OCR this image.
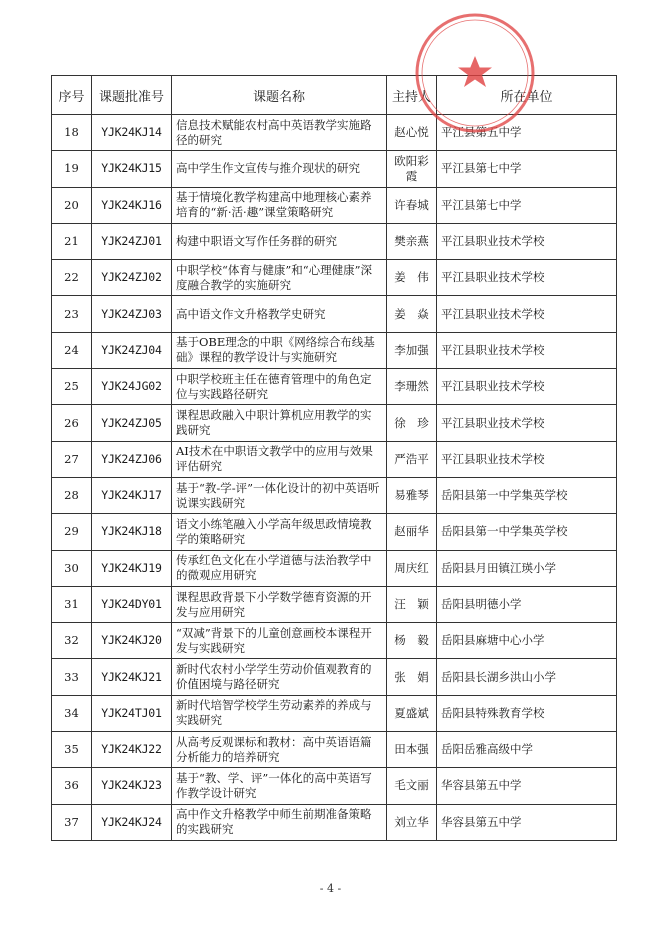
序号	课题批准号	课题名称	主持人	所在单位
18	YJK24KJ14	信息技术赋能农村高中英语教学实施路径的研究	赵心悦	平江县第五中学
19	YJK24KJ15	高中学生作文宣传与推介现状的研究	欧阳彩霞	平江县第七中学
20	YJK24KJ16	基于情境化教学构建高中地理核心素养培育的“新·活·趣”课堂策略研究	许春城	平江县第七中学
21	YJK24ZJ01	构建中职语文写作任务群的研究	樊亲燕	平江县职业技术学校
22	YJK24ZJ02	中职学校“体育与健康”和“心理健康”深度融合教学的实施研究	姜　伟	平江县职业技术学校
23	YJK24ZJ03	高中语文作文升格教学史研究	姜　焱	平江县职业技术学校
24	YJK24ZJ04	基于OBE理念的中职《网络综合布线基础》课程的教学设计与实施研究	李加强	平江县职业技术学校
25	YJK24JG02	中职学校班主任在德育管理中的角色定位与实践路径研究	李珊然	平江县职业技术学校
26	YJK24ZJ05	课程思政融入中职计算机应用教学的实践研究	徐　珍	平江县职业技术学校
27	YJK24ZJ06	AI技术在中职语文教学中的应用与效果评估研究	严浩平	平江县职业技术学校
28	YJK24KJ17	基于“教-学-评”一体化设计的初中英语听说课实践研究	易雅琴	岳阳县第一中学集英学校
29	YJK24KJ18	语文小练笔融入小学高年级思政情境教学的策略研究	赵丽华	岳阳县第一中学集英学校
30	YJK24KJ19	传承红色文化在小学道德与法治教学中的微观应用研究	周庆红	岳阳县月田镇江瑛小学
31	YJK24DY01	课程思政背景下小学数学德育资源的开发与应用研究	汪　颖	岳阳县明德小学
32	YJK24KJ20	“双减”背景下的儿童创意画校本课程开发与实践研究	杨　毅	岳阳县麻塘中心小学
33	YJK24KJ21	新时代农村小学学生劳动价值观教育的价值困境与路径研究	张　娟	岳阳县长湖乡洪山小学
34	YJK24TJ01	新时代培智学校学生劳动素养的养成与实践研究	夏盛斌	岳阳县特殊教育学校
35	YJK24KJ22	从高考反观课标和教材：高中英语语篇分析能力的培养研究	田本强	岳阳岳雅高级中学
36	YJK24KJ23	基于“教、学、评”一体化的高中英语写作教学设计研究	毛文丽	华容县第五中学
37	YJK24KJ24	高中作文升格教学中师生前期准备策略的实践研究	刘立华	华容县第五中学
- 4 -
